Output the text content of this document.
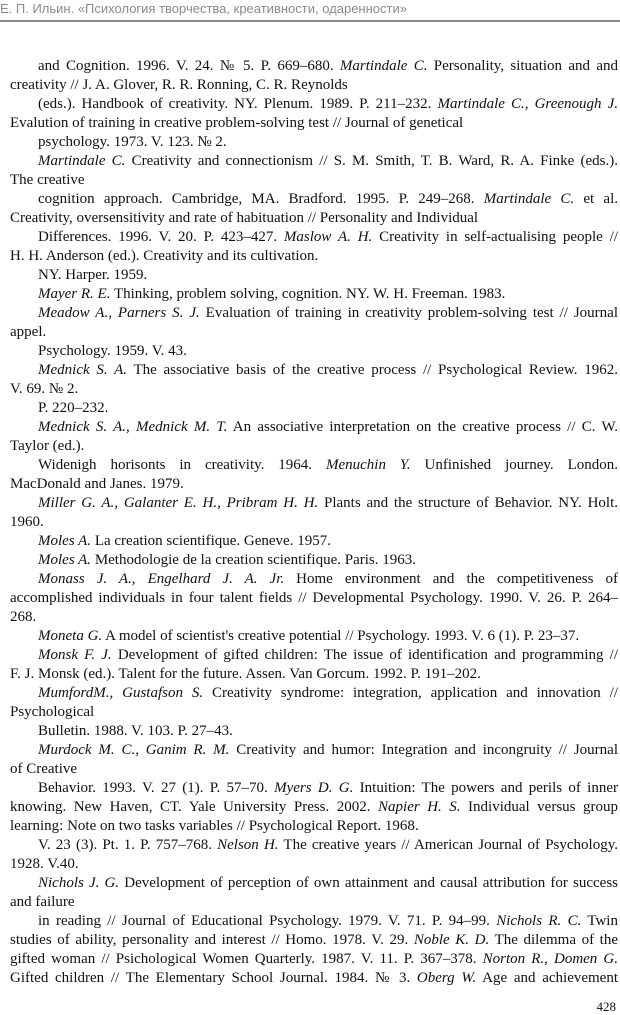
Е. П. Ильин. «Психология творчества, креативности, одаренности»
and Cognition. 1996. V. 24. № 5. P. 669–680. Martindale C. Personality, situation and and
creativity // J. A. Glover, R. R. Ronning, C. R. Reynolds
(eds.). Handbook of creativity. NY. Plenum. 1989. P. 211–232. Martindale C., Greenough J.
Evalution of training in creative problem-solving test // Journal of genetical
psychology. 1973. V. 123. № 2.
Martindale C. Creativity and connectionism // S. M. Smith, T. B. Ward, R. A. Finke (eds.).
The creative
cognition approach. Cambridge, MA. Bradford. 1995. P. 249–268. Martindale C. et al.
Creativity, oversensitivity and rate of habituation // Personality and Individual
Differences. 1996. V. 20. P. 423–427. Maslow A. H. Creativity in self-actualising people //
H. H. Anderson (ed.). Creativity and its cultivation.
NY. Harper. 1959.
Mayer R. E. Thinking, problem solving, cognition. NY. W. H. Freeman. 1983.
Meadow A., Parners S. J. Evaluation of training in creativity problem-solving test // Journal
appel.
Psychology. 1959. V. 43.
Mednick S. A. The associative basis of the creative process // Psychological Review. 1962.
V. 69. № 2.
P. 220–232.
Mednick S. A., Mednick M. T. An associative interpretation on the creative process // C. W.
Taylor (ed.).
Widenigh horisonts in creativity. 1964. Menuchin Y. Unfinished journey. London.
MacDonald and Janes. 1979.
Miller G. A., Galanter E. H., Pribram H. H. Plants and the structure of Behavior. NY. Holt.
1960.
Moles A. La creation scientifique. Geneve. 1957.
Moles A. Methodologie de la creation scientifique. Paris. 1963.
Monass J. A., Engelhard J. A. Jr. Home environment and the competitiveness of
accomplished individuals in four talent fields // Developmental Psychology. 1990. V. 26. P. 264–
268.
Moneta G. A model of scientist's creative potential // Psychology. 1993. V. 6 (1). P. 23–37.
Monsk F. J. Development of gifted children: The issue of identification and programming //
F. J. Monsk (ed.). Talent for the future. Assen. Van Gorcum. 1992. P. 191–202.
MumfordM., Gustafson S. Creativity syndrome: integration, application and innovation //
Psychological
Bulletin. 1988. V. 103. P. 27–43.
Murdock M. C., Ganim R. M. Creativity and humor: Integration and incongruity // Journal
of Creative
Behavior. 1993. V. 27 (1). P. 57–70. Myers D. G. Intuition: The powers and perils of inner
knowing. New Haven, CT. Yale University Press. 2002. Napier H. S. Individual versus group
learning: Note on two tasks variables // Psychological Report. 1968.
V. 23 (3). Pt. 1. P. 757–768. Nelson H. The creative years // American Journal of Psychology.
1928. V.40.
Nichols J. G. Development of perception of own attainment and causal attribution for success
and failure
in reading // Journal of Educational Psychology. 1979. V. 71. P. 94–99. Nichols R. C. Twin
studies of ability, personality and interest // Homo. 1978. V. 29. Noble K. D. The dilemma of the
gifted woman // Psichological Women Quarterly. 1987. V. 11. P. 367–378. Norton R., Domen G.
Gifted children // The Elementary School Journal. 1984. № 3. Oberg W. Age and achievement
428
